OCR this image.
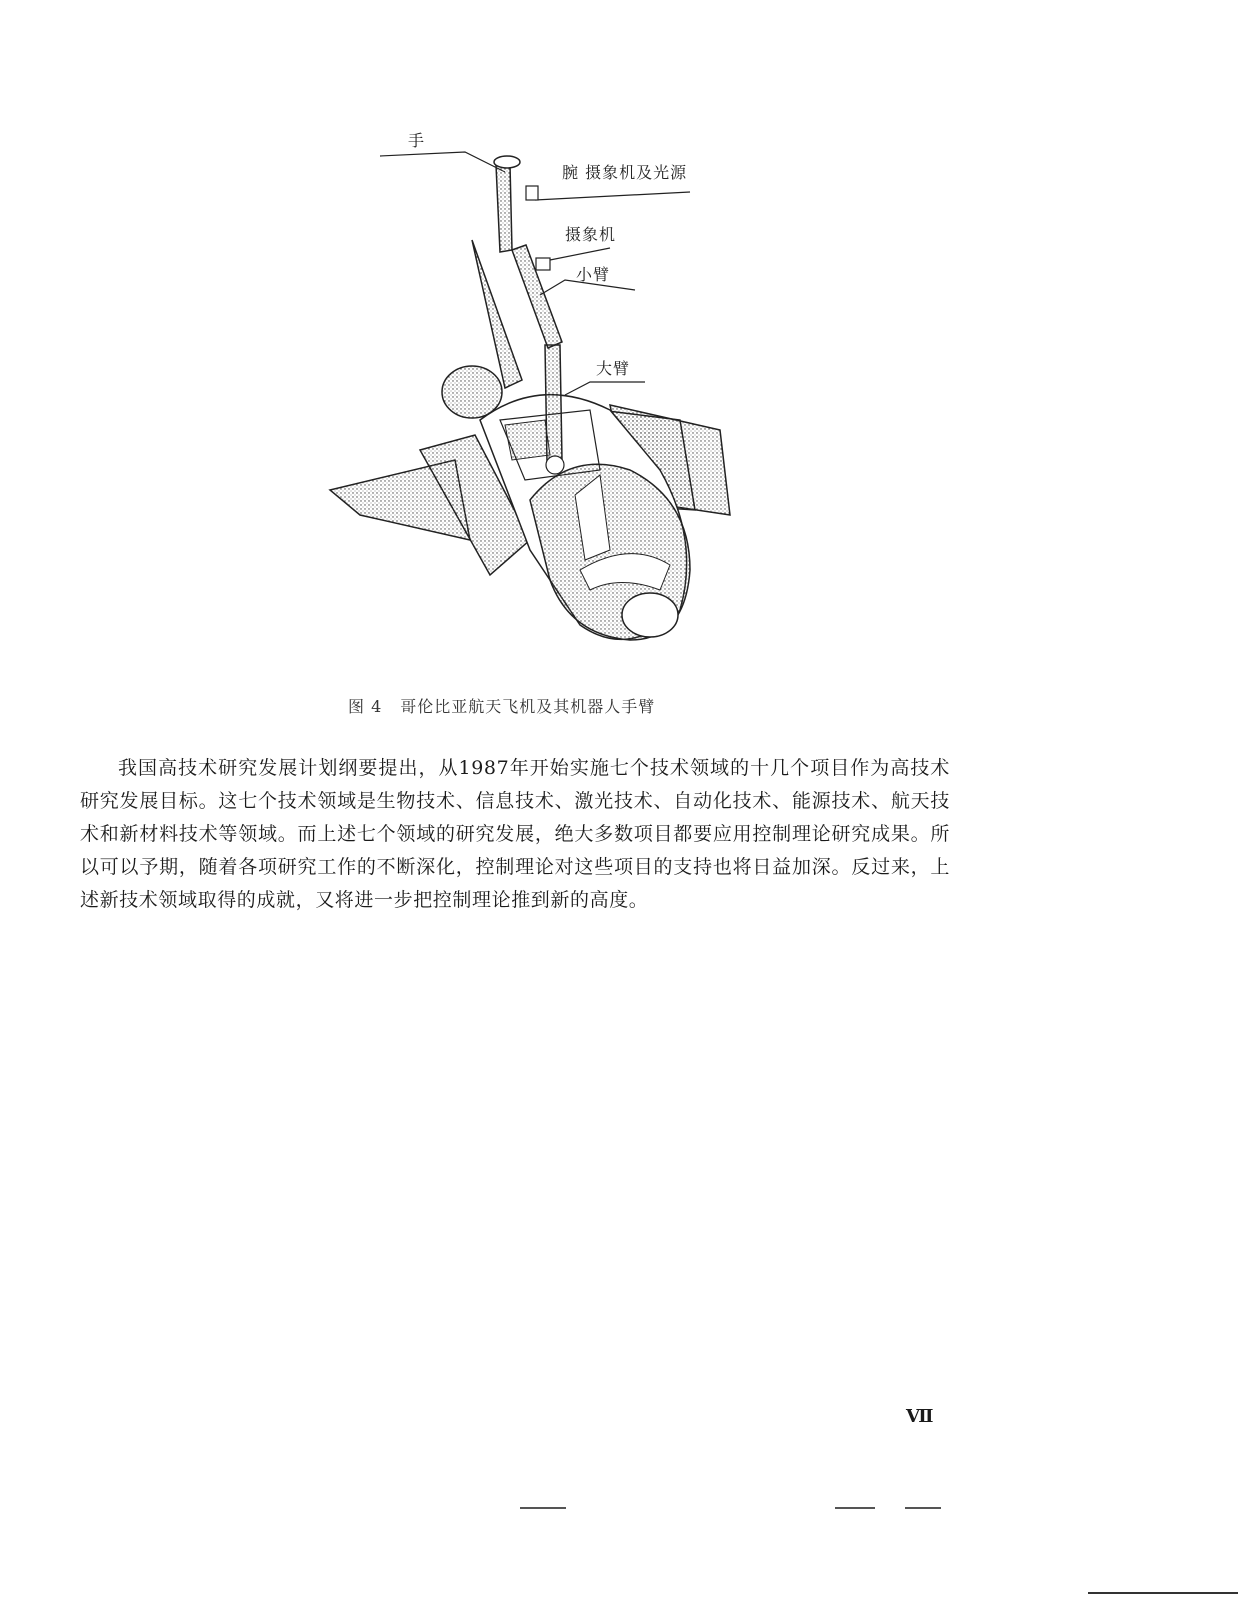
手
腕 摄象机及光源
摄象机
小臂
大臂
图 4 哥伦比亚航天飞机及其机器人手臂

我国高技术研究发展计划纲要提出，从1987年开始实施七个技术领域的十几个项目作为高技术研究发展目标。这七个技术领域是生物技术、信息技术、激光技术、自动化技术、能源技术、航天技术和新材料技术等领域。而上述七个领域的研究发展，绝大多数项目都要应用控制理论研究成果。所以可以予期，随着各项研究工作的不断深化，控制理论对这些项目的支持也将日益加深。反过来，上述新技术领域取得的成就，又将进一步把控制理论推到新的高度。

Ⅶ
